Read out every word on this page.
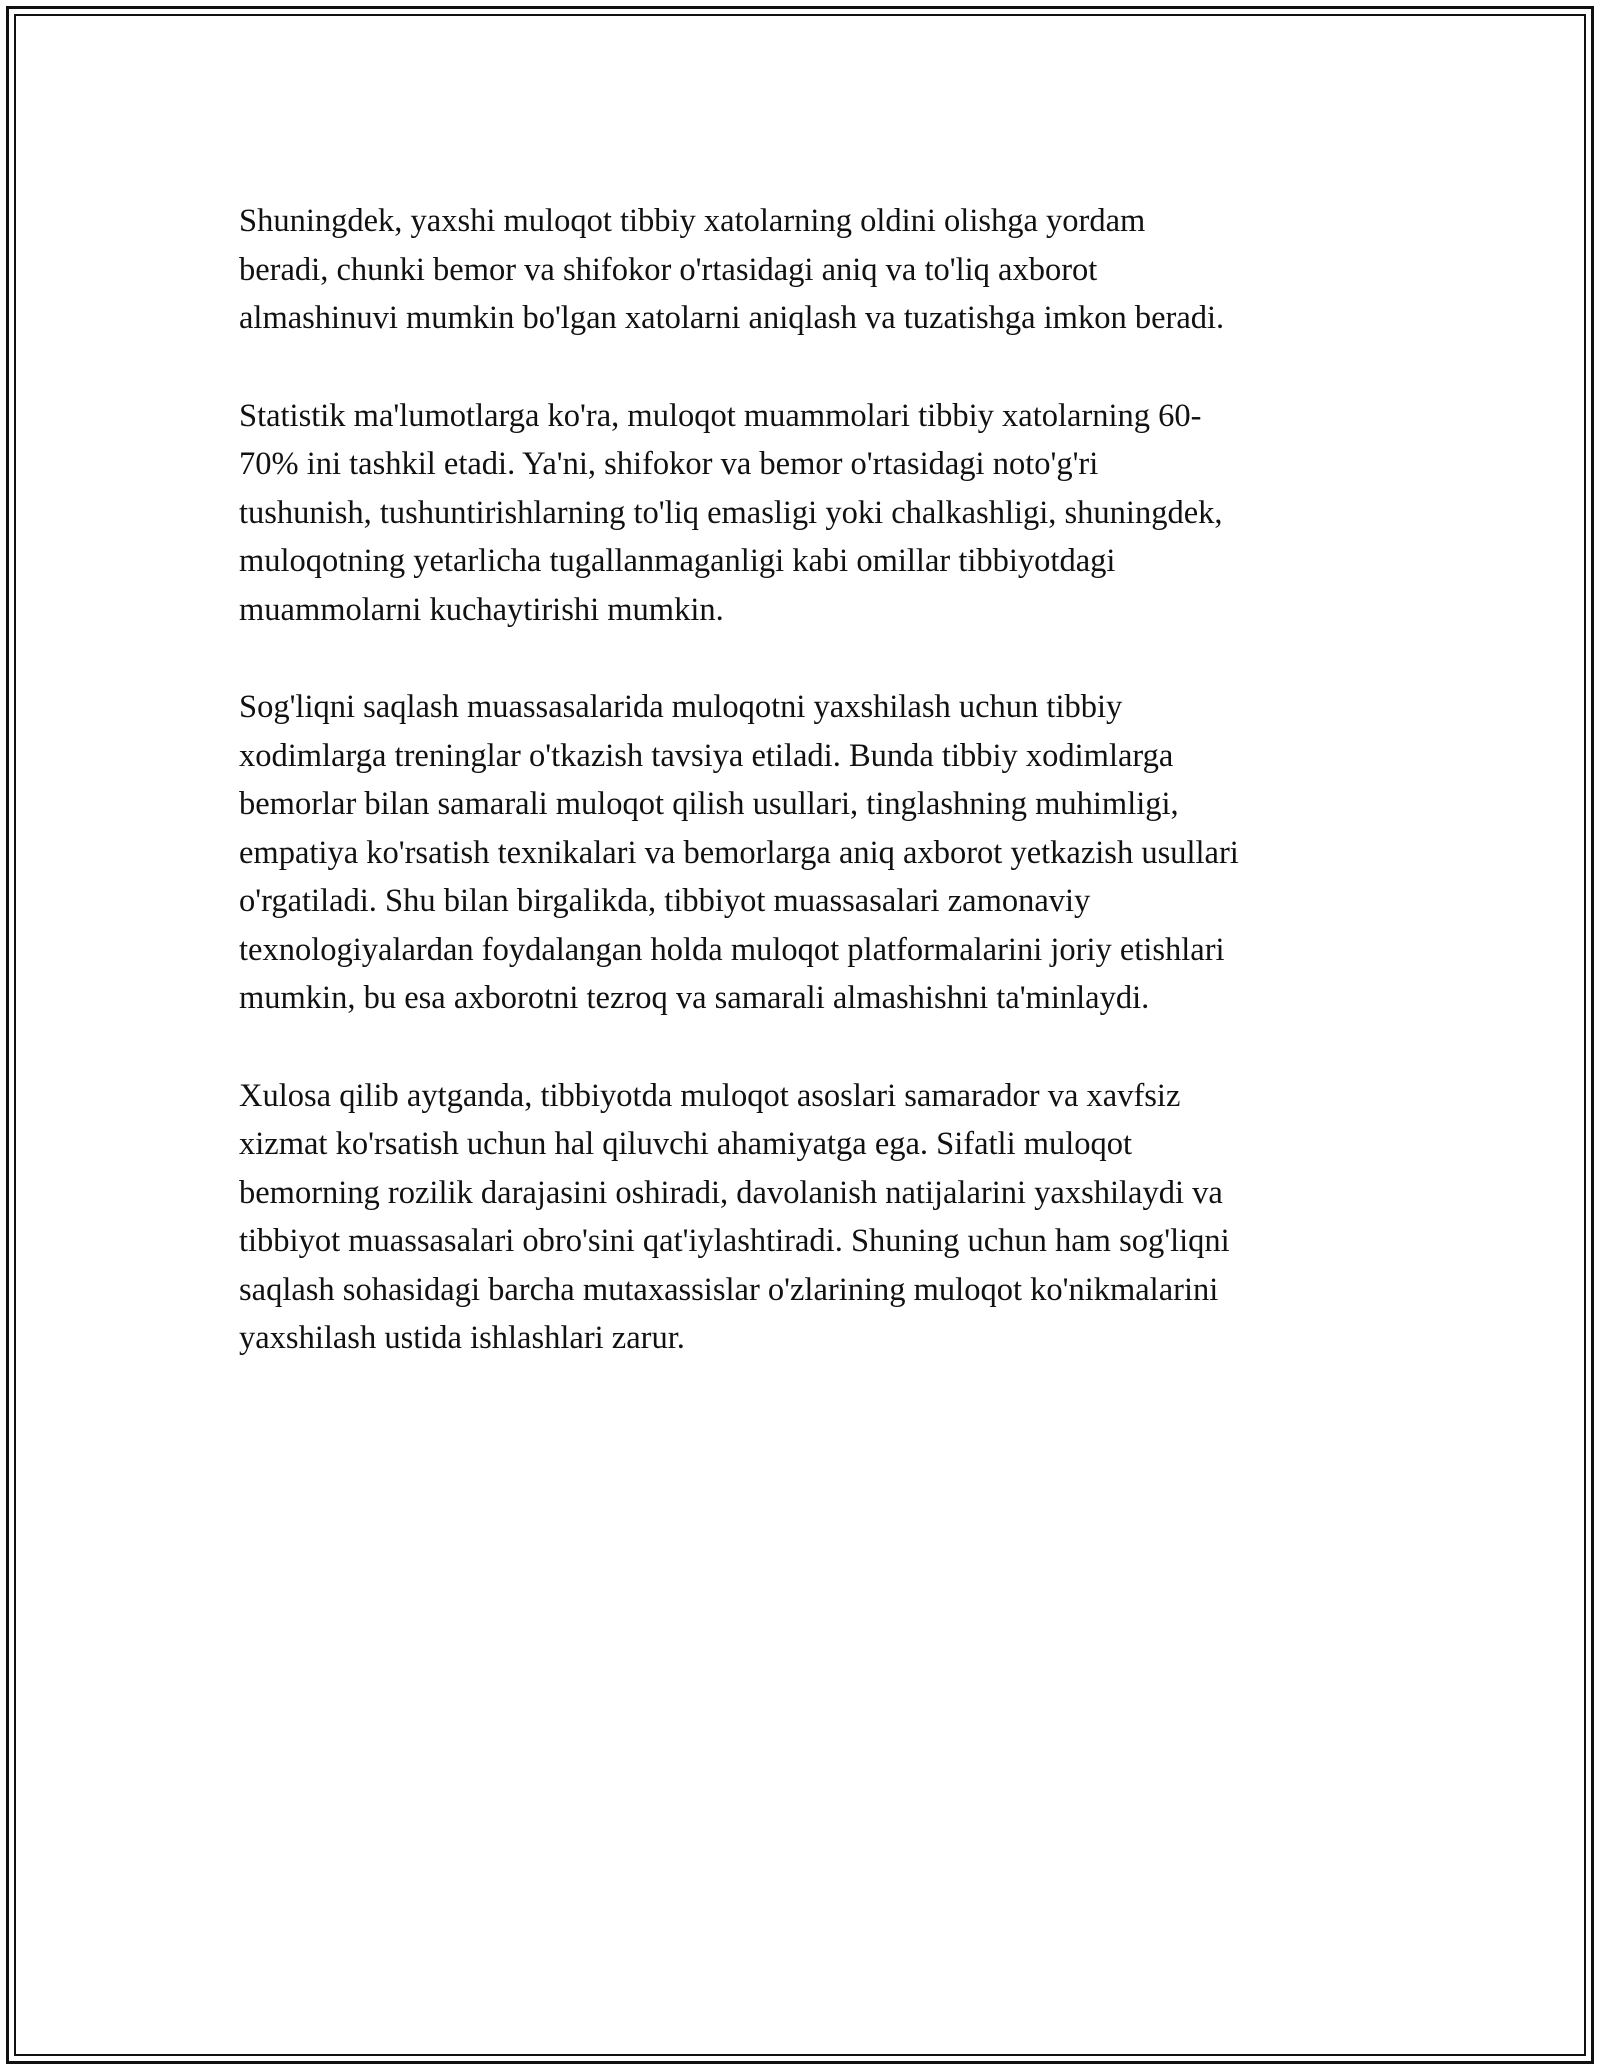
Shuningdek, yaxshi muloqot tibbiy xatolarning oldini olishga yordam
beradi, chunki bemor va shifokor o'rtasidagi aniq va to'liq axborot
almashinuvi mumkin bo'lgan xatolarni aniqlash va tuzatishga imkon beradi.

Statistik ma'lumotlarga ko'ra, muloqot muammolari tibbiy xatolarning 60-
70% ini tashkil etadi. Ya'ni, shifokor va bemor o'rtasidagi noto'g'ri
tushunish, tushuntirishlarning to'liq emasligi yoki chalkashligi, shuningdek,
muloqotning yetarlicha tugallanmaganligi kabi omillar tibbiyotdagi
muammolarni kuchaytirishi mumkin.

Sog'liqni saqlash muassasalarida muloqotni yaxshilash uchun tibbiy
xodimlarga treninglar o'tkazish tavsiya etiladi. Bunda tibbiy xodimlarga
bemorlar bilan samarali muloqot qilish usullari, tinglashning muhimligi,
empatiya ko'rsatish texnikalari va bemorlarga aniq axborot yetkazish usullari
o'rgatiladi. Shu bilan birgalikda, tibbiyot muassasalari zamonaviy
texnologiyalardan foydalangan holda muloqot platformalarini joriy etishlari
mumkin, bu esa axborotni tezroq va samarali almashishni ta'minlaydi.

Xulosa qilib aytganda, tibbiyotda muloqot asoslari samarador va xavfsiz
xizmat ko'rsatish uchun hal qiluvchi ahamiyatga ega. Sifatli muloqot
bemorning rozilik darajasini oshiradi, davolanish natijalarini yaxshilaydi va
tibbiyot muassasalari obro'sini qat'iylashtiradi. Shuning uchun ham sog'liqni
saqlash sohasidagi barcha mutaxassislar o'zlarining muloqot ko'nikmalarini
yaxshilash ustida ishlashlari zarur.
